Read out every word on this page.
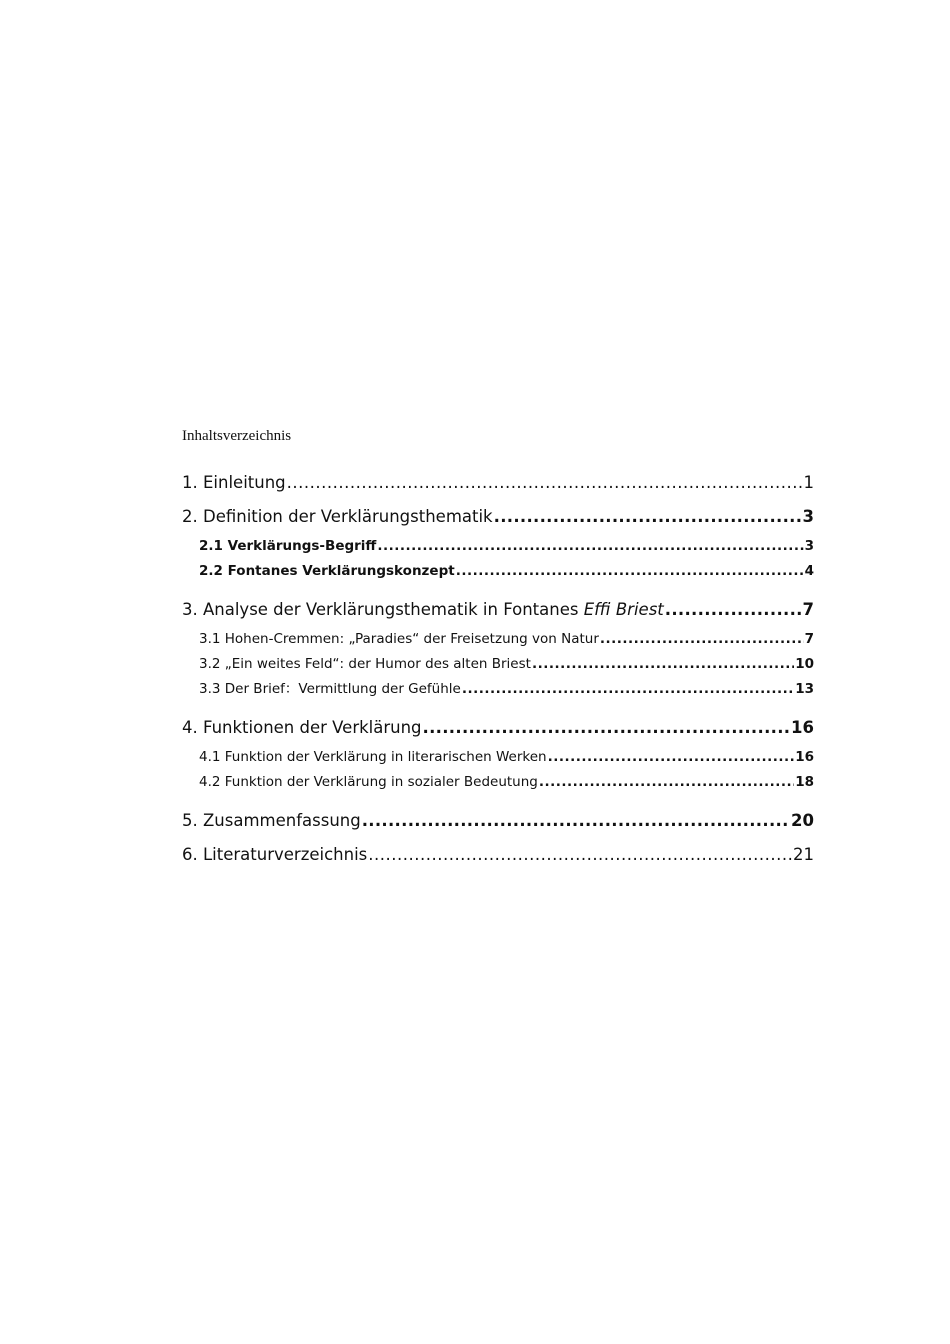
Inhaltsverzeichnis
1. Einleitung .....	1
2. Definition der Verklärungsthematik .....	3
2.1 Verklärungs-Begriff .....	3
2.2 Fontanes Verklärungskonzept .....	4
3. Analyse der Verklärungsthematik in Fontanes Effi Briest .....	7
3.1 Hohen-Cremmen: „Paradies“ der Freisetzung von Natur .....	7
3.2 „Ein weites Feld“: der Humor des alten Briest .....	10
3.3 Der Brief：Vermittlung der Gefühle .....	13
4. Funktionen der Verklärung .....	16
4.1 Funktion der Verklärung in literarischen Werken .....	16
4.2 Funktion der Verklärung in sozialer Bedeutung .....	18
5. Zusammenfassung .....	20
6. Literaturverzeichnis .....	21
